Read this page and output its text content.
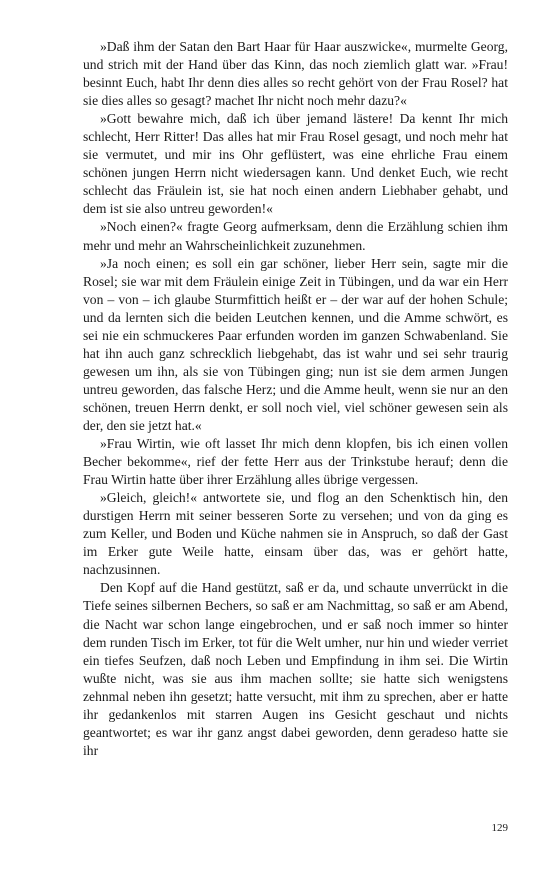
»Daß ihm der Satan den Bart Haar für Haar auszwicke«, murmelte Georg, und strich mit der Hand über das Kinn, das noch ziemlich glatt war. »Frau! besinnt Euch, habt Ihr denn dies alles so recht gehört von der Frau Rosel? hat sie dies alles so gesagt? machet Ihr nicht noch mehr dazu?«

»Gott bewahre mich, daß ich über jemand lästere! Da kennt Ihr mich schlecht, Herr Ritter! Das alles hat mir Frau Rosel gesagt, und noch mehr hat sie vermutet, und mir ins Ohr geflüstert, was eine ehrliche Frau einem schönen jungen Herrn nicht wiedersagen kann. Und denket Euch, wie recht schlecht das Fräulein ist, sie hat noch einen andern Liebhaber gehabt, und dem ist sie also untreu geworden!«

»Noch einen?« fragte Georg aufmerksam, denn die Erzählung schien ihm mehr und mehr an Wahrscheinlichkeit zuzunehmen.

»Ja noch einen; es soll ein gar schöner, lieber Herr sein, sagte mir die Rosel; sie war mit dem Fräulein einige Zeit in Tübingen, und da war ein Herr von – von – ich glaube Sturmfittich heißt er – der war auf der hohen Schule; und da lernten sich die beiden Leutchen kennen, und die Amme schwört, es sei nie ein schmuckeres Paar erfunden worden im ganzen Schwabenland. Sie hat ihn auch ganz schrecklich liebgehabt, das ist wahr und sei sehr traurig gewesen um ihn, als sie von Tübingen ging; nun ist sie dem armen Jungen untreu geworden, das falsche Herz; und die Amme heult, wenn sie nur an den schönen, treuen Herrn denkt, er soll noch viel, viel schöner gewesen sein als der, den sie jetzt hat.«

»Frau Wirtin, wie oft lasset Ihr mich denn klopfen, bis ich einen vollen Becher bekomme«, rief der fette Herr aus der Trinkstube herauf; denn die Frau Wirtin hatte über ihrer Erzählung alles übrige vergessen.

»Gleich, gleich!« antwortete sie, und flog an den Schenktisch hin, den durstigen Herrn mit seiner besseren Sorte zu versehen; und von da ging es zum Keller, und Boden und Küche nahmen sie in Anspruch, so daß der Gast im Erker gute Weile hatte, einsam über das, was er gehört hatte, nachzusinnen.

Den Kopf auf die Hand gestützt, saß er da, und schaute unverrückt in die Tiefe seines silbernen Bechers, so saß er am Nachmittag, so saß er am Abend, die Nacht war schon lange eingebrochen, und er saß noch immer so hinter dem runden Tisch im Erker, tot für die Welt umher, nur hin und wieder verriet ein tiefes Seufzen, daß noch Leben und Empfindung in ihm sei. Die Wirtin wußte nicht, was sie aus ihm machen sollte; sie hatte sich wenigstens zehnmal neben ihn gesetzt; hatte versucht, mit ihm zu sprechen, aber er hatte ihr gedankenlos mit starren Augen ins Gesicht geschaut und nichts geantwortet; es war ihr ganz angst dabei geworden, denn geradeso hatte sie ihr

129
